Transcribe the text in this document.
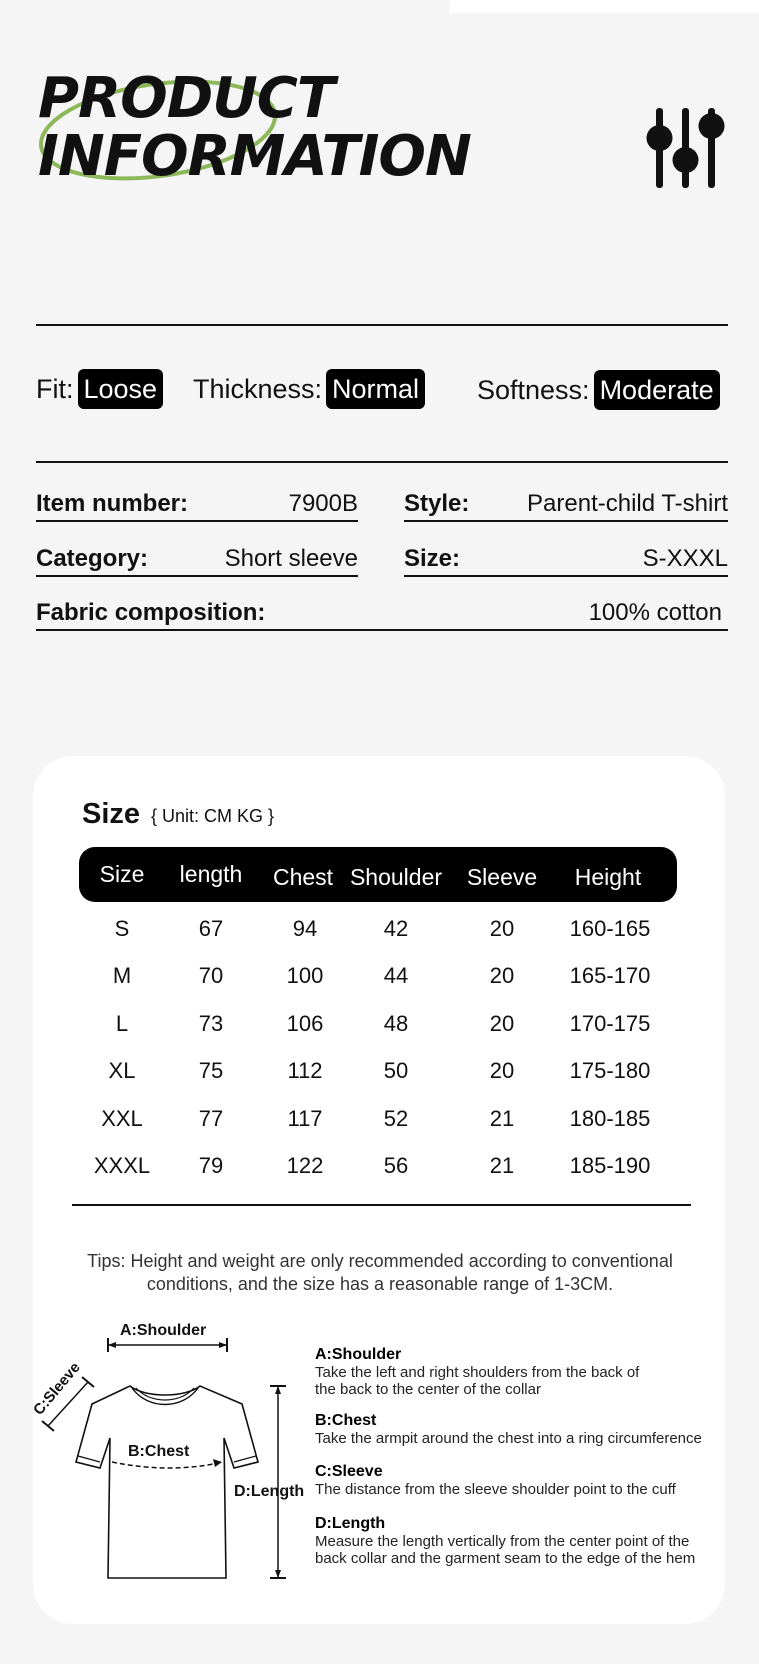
PRODUCT
INFORMATION
Fit: Loose Thickness: Normal Softness: Moderate
Item number:	7900B Style: Parent-child T-shirt
Category:	Short sleeve Size:	S-XXXL
Fabric composition:	100% cotton
Size { Unit: CM KG }
Size length Chest Shoulder Sleeve Height
S	67	94	42	20	160-165
M	70	100	44	20	165-170
L	73	106	48	20	170-175
XL	75	112	50	20	175-180
XXL	77	117	52	21	180-185
XXXL 79	122	56	21	185-190
Tips: Height and weight are only recommended according to conventional
conditions, and the size has a reasonable range of 1-3CM.
A:Shoulder
C:Sleeve
B:Chest
D:Length
A:Shoulder
Take the left and right shoulders from the back of
the back to the center of the collar
B:Chest
Take the armpit around the chest into a ring circumference
C:Sleeve
The distance from the sleeve shoulder point to the cuff
D:Length
Measure the length vertically from the center point of the
back collar and the garment seam to the edge of the hem
